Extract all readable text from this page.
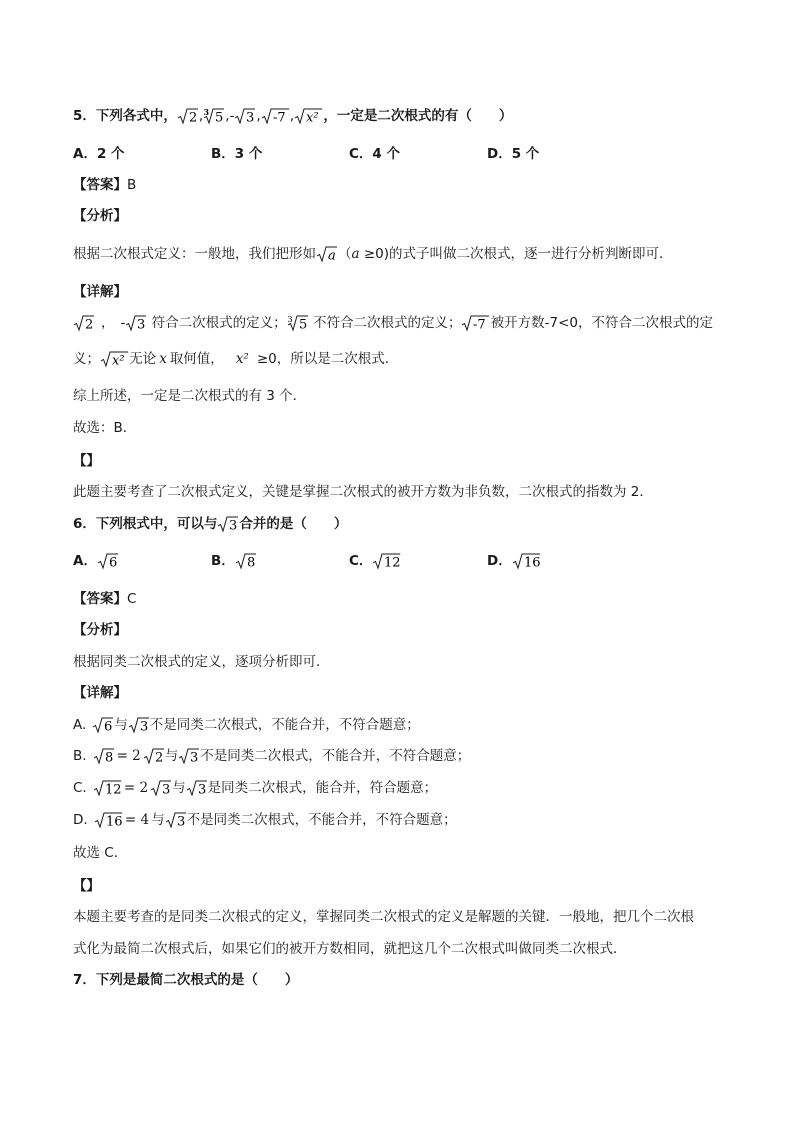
5．下列各式中， 2 , 3 5 ,- 3 , -7 , x² ，一定是二次根式的有（　　）
A．2 个	B．3 个	C．4 个	D．5 个
【答案】B
【分析】
根据二次根式定义：一般地，我们把形如 a （a ≥0)的式子叫做二次根式，逐一进行分析判断即可．
【详解】
2 ， - 3 符合二次根式的定义； 3 5 不符合二次根式的定义； -7 被开方数-7<0，不符合二次根式的定
义； x² 无论 x 取何值， x² ≥0，所以是二次根式．
综上所述，一定是二次根式的有 3 个．
故选：B．
【】
此题主要考查了二次根式定义，关键是掌握二次根式的被开方数为非负数，二次根式的指数为 2．
6．下列根式中，可以与 3 合并的是（　　）
A． 6	B． 8	C． 12	D． 16
【答案】C
【分析】
根据同类二次根式的定义，逐项分析即可．
【详解】
A. 6 与 3 不是同类二次根式，不能合并，不符合题意；
B. 8 = 2 2 与 3 不是同类二次根式，不能合并，不符合题意；
C. 12 = 2 3 与 3 是同类二次根式，能合并，符合题意；
D. 16 = 4 与 3 不是同类二次根式，不能合并，不符合题意；
故选 C．
【】
本题主要考查的是同类二次根式的定义，掌握同类二次根式的定义是解题的关键．一般地，把几个二次根
式化为最简二次根式后，如果它们的被开方数相同，就把这几个二次根式叫做同类二次根式．
7．下列是最简二次根式的是（　　）
